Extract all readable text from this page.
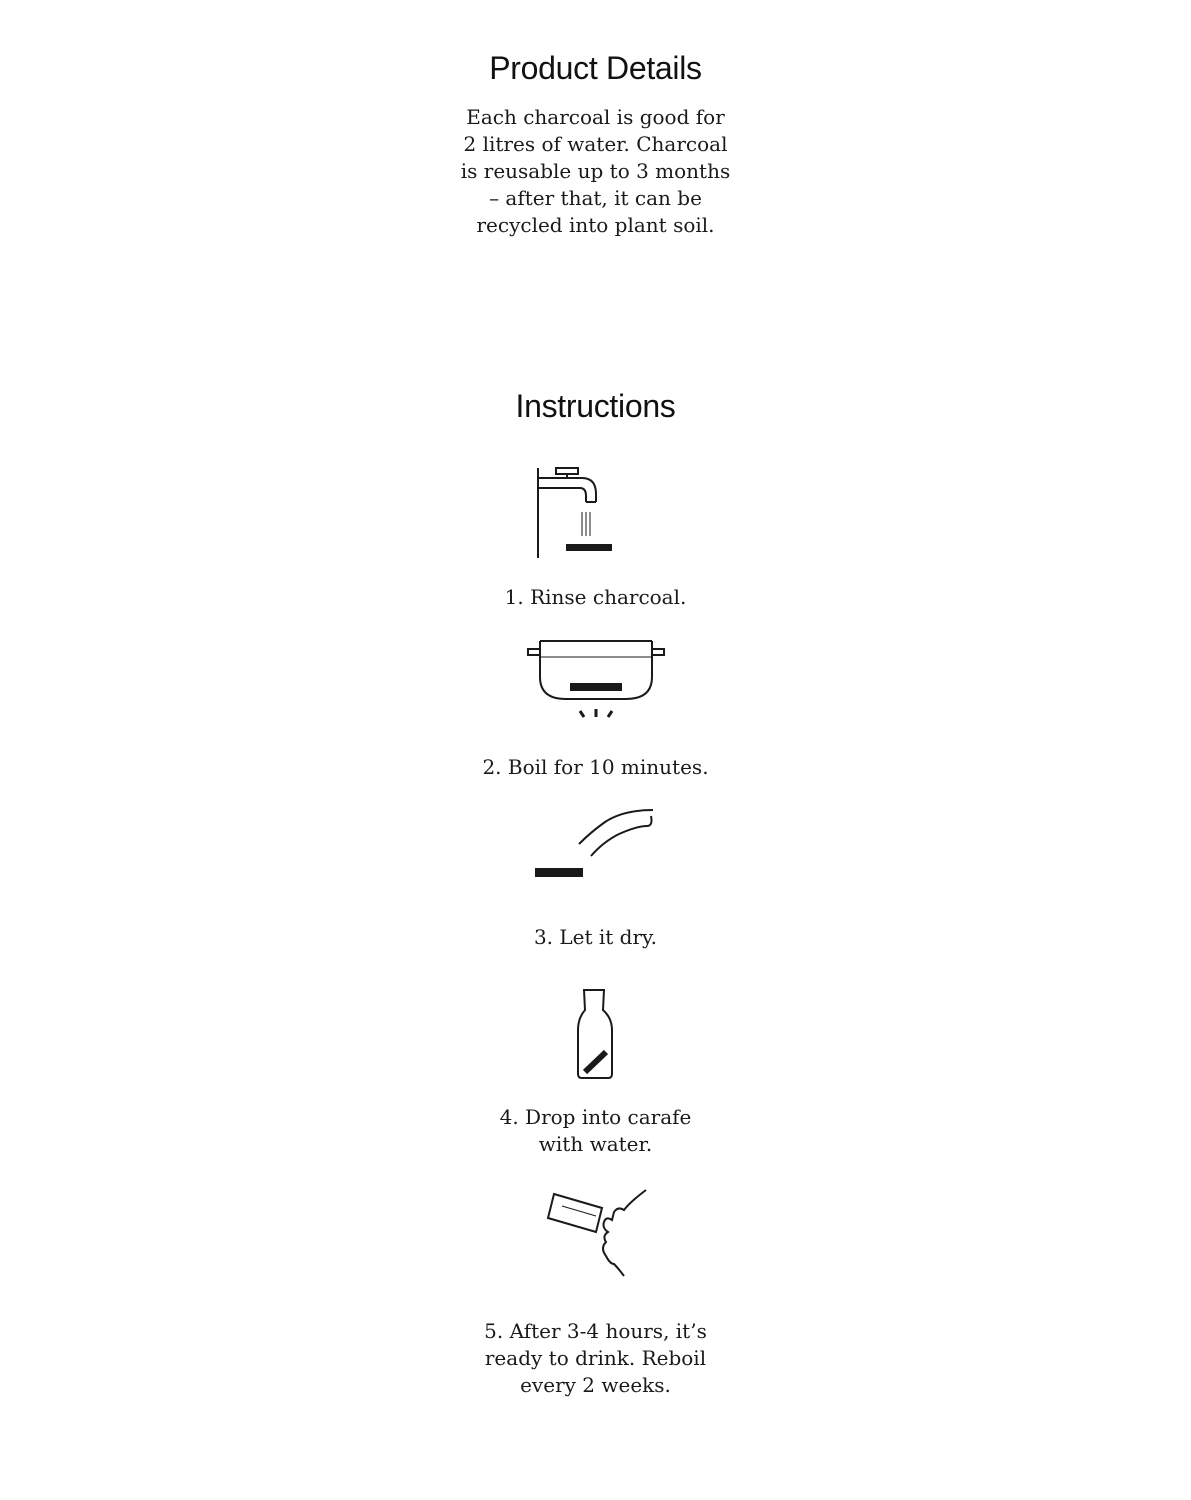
Product Details

Each charcoal is good for
2 litres of water. Charcoal
is reusable up to 3 months
– after that, it can be
recycled into plant soil.

Instructions

1. Rinse charcoal.

2. Boil for 10 minutes.

3. Let it dry.

4. Drop into carafe
with water.

5. After 3-4 hours, it’s
ready to drink. Reboil
every 2 weeks.
